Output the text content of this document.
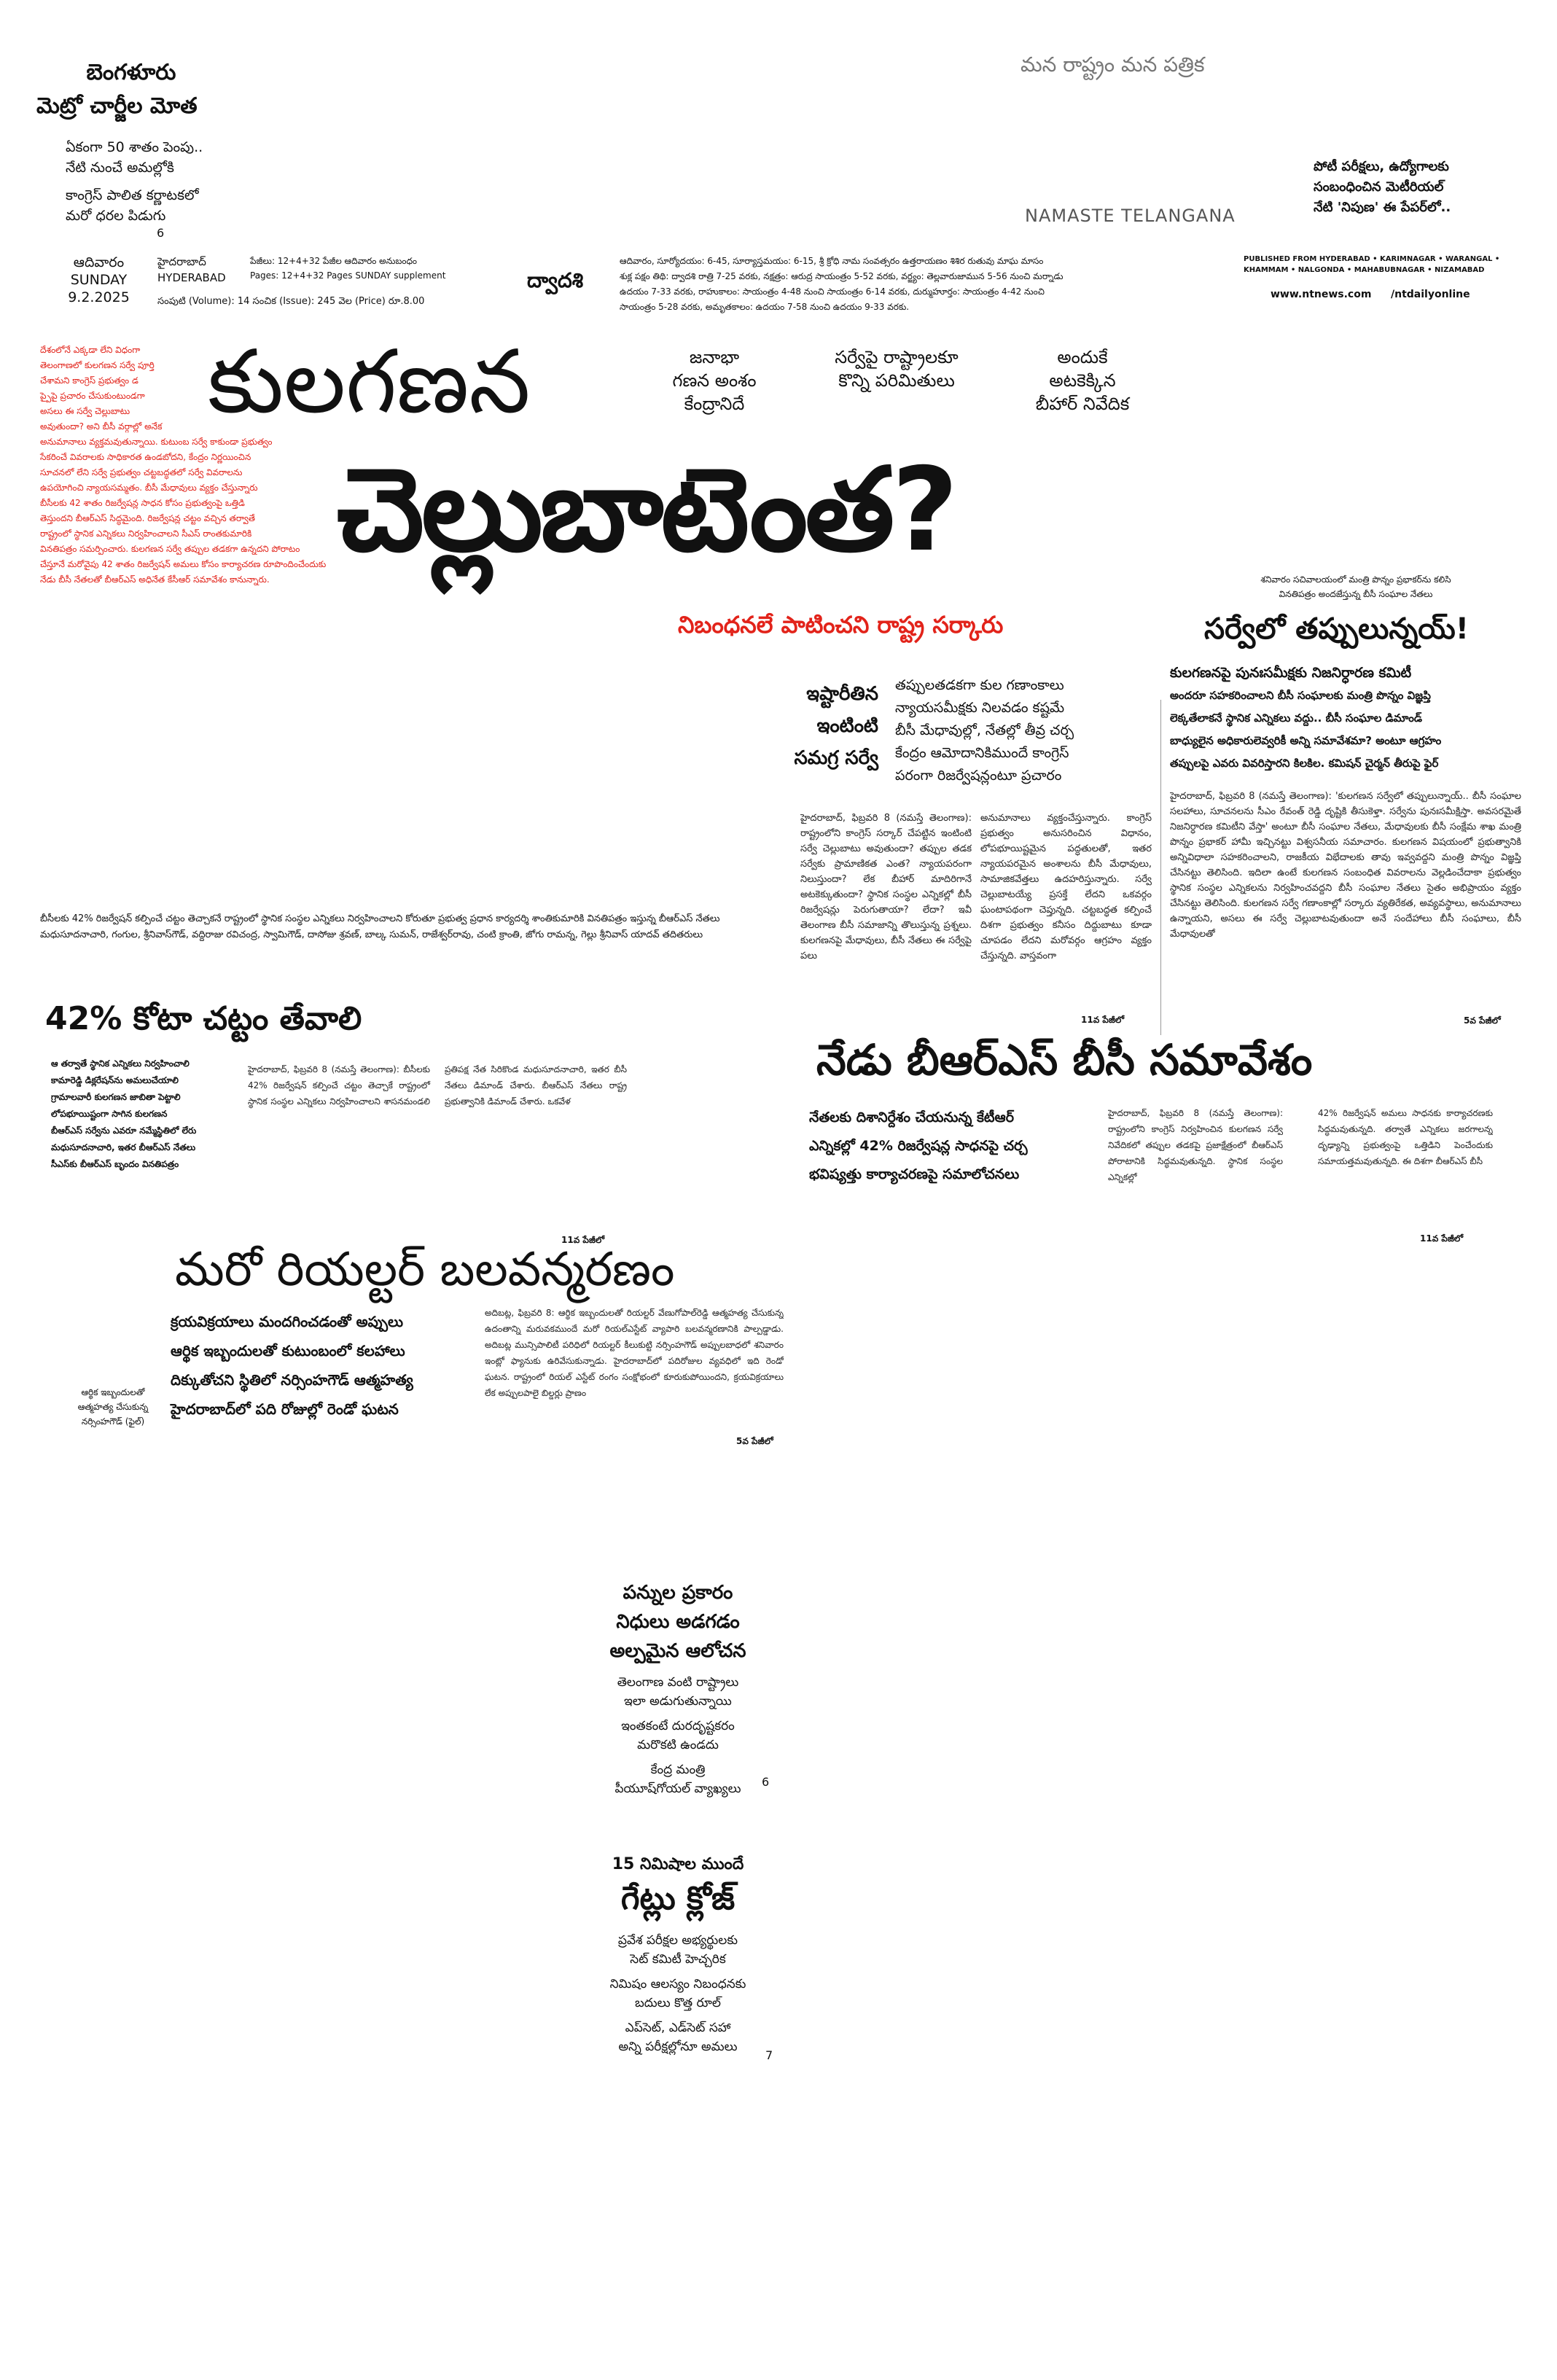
మన రాష్ట్రం మన పత్రిక
NAMASTE TELANGANA
బెంగళూరు
మెట్రో చార్జీల మోత
ఏకంగా 50 శాతం పెంపు..
నేటి నుంచే అమల్లోకి
కాంగ్రెస్‌ పాలిత కర్ణాటకలో
మరో ధరల పిడుగు
6
పోటీ పరీక్షలు, ఉద్యోగాలకు
సంబంధించిన మెటీరియల్‌
నేటి 'నిపుణ' ఈ పేపర్‌లో..
ఆదివారం
SUNDAY
9.2.2025
హైదరాబాద్‌
HYDERABAD
పేజీలు: 12+4+32 పేజీల ఆదివారం అనుబంధం
Pages: 12+4+32 Pages SUNDAY supplement
సంపుటి (Volume): 14 సంచిక (Issue): 245 వెల (Price) రూ.8.00
ద్వాదశి
ఆదివారం, సూర్యోదయం: 6-45, సూర్యాస్తమయం: 6-15, శ్రీ క్రోధి నామ సంవత్సరం ఉత్తరాయణం శిశిర రుతువు మాఘ మాసం
శుక్ల పక్షం తిథి: ద్వాదశి రాత్రి 7-25 వరకు, నక్షత్రం: ఆరుద్ర సాయంత్రం 5-52 వరకు, వర్జ్యం: తెల్లవారుజామున 5-56 నుంచి మర్నాడు
ఉదయం 7-33 వరకు, రాహుకాలం: సాయంత్రం 4-48 నుంచి సాయంత్రం 6-14 వరకు, దుర్ముహూర్తం: సాయంత్రం 4-42 నుంచి
సాయంత్రం 5-28 వరకు, అమృతకాలం: ఉదయం 7-58 నుంచి ఉదయం 9-33 వరకు.
PUBLISHED FROM HYDERABAD • KARIMNAGAR • WARANGAL • KHAMMAM • NALGONDA • MAHABUBNAGAR • NIZAMABAD
www.ntnews.com /ntdailyonline
దేశంలోనే ఎక్కడా లేని విధంగా
తెలంగాణలో కులగణన సర్వే పూర్తి
చేశామని కాంగ్రెస్‌ ప్రభుత్వం డ
ప్పైపై ప్రచారం చేసుకుంటుండగా
అసలు ఈ సర్వే చెల్లుబాటు
అవుతుందా? అని బీసీ వర్గాల్లో అనేక
అనుమానాలు వ్యక్తమవుతున్నాయి. కుటుంబ సర్వే కాకుండా ప్రభుత్వం
సేకరించే వివరాలకు సాధికారత ఉండబోదని, కేంద్రం నిర్ణయించిన
సూచనలో లేని సర్వే ప్రభుత్వం చట్టబద్ధతలో సర్వే వివరాలను
ఉపయోగించి న్యాయసమ్మతం. బీసీ మేధావులు వ్యక్తం చేస్తున్నారు
బీసీలకు 42 శాతం రిజర్వేషన్ల సాధన కోసం ప్రభుత్వంపై ఒత్తిడి
తెస్తుందని బీఆర్‌ఎస్‌ సిద్ధమైంది. రిజర్వేషన్ల చట్టం వచ్చిన తర్వాతే
రాష్ట్రంలో స్థానిక ఎన్నికలు నిర్వహించాలని సీఎస్‌ రాంతకుమారికి
వినతిపత్రం సమర్పించారు. కులగణన సర్వే తప్పుల తడకగా ఉన్నదని పోరాటం
చేస్తూనే మరోవైపు 42 శాతం రిజర్వేషన్‌ అమలు కోసం కార్యాచరణ రూపొందించేందుకు
నేడు బీసీ నేతలతో బీఆర్‌ఎస్‌ అధినేత కేసీఆర్‌ సమావేశం కానున్నారు.
కులగణన	జనాభా
గణన అంశం
కేంద్రానిదే
సర్వేపై రాష్ట్రాలకూ
కొన్ని పరిమితులు
అందుకే
అటకెక్కిన
బీహార్‌ నివేదిక
చెల్లుబాటెంత?
నిబంధనలే పాటించని రాష్ట్ర సర్కారు
ఇష్టారీతిన
ఇంటింటి
సమగ్ర సర్వే
తప్పులతడకగా కుల గణాంకాలు
న్యాయసమీక్షకు నిలవడం కష్టమే
బీసీ మేధావుల్లో, నేతల్లో తీవ్ర చర్చ
కేంద్రం ఆమోదానికిముందే కాంగ్రెస్‌
పరంగా రిజర్వేషన్లంటూ ప్రచారం
హైదరాబాద్‌, ఫిబ్రవరి 8 (నమస్తే తెలంగాణ): రాష్ట్రంలోని కాంగ్రెస్‌ సర్కార్‌ చేపట్టిన ఇంటింటి సర్వే చెల్లుబాటు అవుతుందా? తప్పుల తడక సర్వేకు ప్రామాణికత ఎంత? న్యాయపరంగా నిలుస్తుందా? లేక బీహార్‌ మాదిరిగానే అటకెక్కుతుందా? స్థానిక సంస్థల ఎన్నికల్లో బీసీ రిజర్వేషన్లు పెరుగుతాయా? లేదా? ఇవీ తెలంగాణ బీసీ సమాజాన్ని తొలుస్తున్న ప్రశ్నలు. కులగణనపై మేధావులు, బీసీ నేతలు ఈ సర్వేపై పలు
అనుమానాలు వ్యక్తంచేస్తున్నారు. కాంగ్రెస్‌ ప్రభుత్వం అనుసరించిన విధానం, లోపభూయిష్టమైన పద్ధతులతో, ఇతర న్యాయపరమైన అంశాలను బీసీ మేధావులు, సామాజికవేత్తలు ఉదహరిస్తున్నారు. సర్వే చెల్లుబాటయ్యే ప్రసక్తే లేదని ఒకవర్గం ఘంటాపథంగా చెప్తున్నది. చట్టబద్ధత కల్పించే దిశగా ప్రభుత్వం కనీసం దిద్దుబాటు కూడా చూపడం లేదని మరోవర్గం ఆగ్రహం వ్యక్తం చేస్తున్నది. వాస్తవంగా
11వ పేజీలో
శనివారం సచివాలయంలో మంత్రి పొన్నం ప్రభాకర్‌ను కలిసి
వినతిపత్రం అందజేస్తున్న బీసీ సంఘాల నేతలు
సర్వేలో తప్పులున్నయ్‌!
కులగణనపై పునఃసమీక్షకు నిజనిర్ధారణ కమిటీ
అందరూ సహకరించాలని బీసీ సంఘాలకు మంత్రి పొన్నం విజ్ఞప్తి
లెక్కతేలాకనే స్థానిక ఎన్నికలు వద్దు.. బీసీ సంఘాల డిమాండ్‌
బాధ్యులైన అధికారులెవ్వరికీ అన్ని సమావేశమా? అంటూ ఆగ్రహం
తప్పులపై ఎవరు వివరిస్తారని కిలకిల. కమిషన్‌ చైర్మన్‌ తీరుపై ఫైర్‌
హైదరాబాద్‌, ఫిబ్రవరి 8 (నమస్తే తెలంగాణ): 'కులగణన సర్వేలో తప్పులున్నాయ్‌.. బీసీ సంఘాల సలహాలు, సూచనలను సీఎం రేవంత్‌ రెడ్డి దృష్టికి తీసుకెళ్తా. సర్వేను పునఃసమీక్షిస్తా. అవసరమైతే నిజనిర్ధారణ కమిటీని వేస్తా' అంటూ బీసీ సంఘాల నేతలు, మేధావులకు బీసీ సంక్షేమ శాఖ మంత్రి పొన్నం ప్రభాకర్‌ హామీ ఇచ్చినట్టు విశ్వసనీయ సమాచారం. కులగణన విషయంలో ప్రభుత్వానికి అన్నివిధాలా సహకరించాలని, రాజకీయ విభేదాలకు తావు ఇవ్వవద్దని మంత్రి పొన్నం విజ్ఞప్తి చేసినట్టు తెలిసింది. ఇదిలా ఉంటే కులగణన సంబంధిత వివరాలను వెల్లడించేదాకా ప్రభుత్వం స్థానిక సంస్థల ఎన్నికలను నిర్వహించవద్దని బీసీ సంఘాల నేతలు సైతం అభిప్రాయం వ్యక్తం చేసినట్టు తెలిసింది. కులగణన సర్వే గణాంకాల్లో సర్కారు వ్యతిరేకత, అవ్యవస్థాలు, అనుమానాలు ఉన్నాయని, అసలు ఈ సర్వే చెల్లుబాటవుతుందా అనే సందేహాలు బీసీ సంఘాలు, బీసీ మేధావులతో
5వ పేజీలో
బీసీలకు 42% రిజర్వేషన్‌ కల్పించే చట్టం తెచ్చాకనే రాష్ట్రంలో స్థానిక సంస్థల ఎన్నికలు నిర్వహించాలని కోరుతూ ప్రభుత్వ ప్రధాన కార్యదర్శి శాంతికుమారికి వినతిపత్రం ఇస్తున్న బీఆర్‌ఎస్‌ నేతలు మధుసూదనాచారి, గంగుల, శ్రీనివాస్‌గౌడ్‌, వద్దిరాజు రవిచంద్ర, స్వామిగౌడ్‌, దాసోజు శ్రవణ్‌, బాల్క సుమన్‌, రాజేశ్వర్‌రావు, చంటి క్రాంతి, జోగు రామన్న, గెల్లు శ్రీనివాస్‌ యాదవ్‌ తదితరులు
42% కోటా చట్టం తేవాలి
ఆ తర్వాతే స్థానిక ఎన్నికలు నిర్వహించాలి
కామారెడ్డి డిక్లరేషన్‌ను అమలుచేయాలి
గ్రామాలవారీ కులగణన జాబితా పెట్టాలి
లోపభూయిష్టంగా సాగిన కులగణన
బీఆర్‌ఎస్‌ సర్వేను ఎవరూ నమ్మేస్థితిలో లేరు
మధుసూదనాచారి, ఇతర బీఆర్‌ఎస్‌ నేతలు
సీఎస్‌కు బీఆర్‌ఎస్‌ బృందం వినతిపత్రం
హైదరాబాద్‌, ఫిబ్రవరి 8 (నమస్తే తెలంగాణ): బీసీలకు 42% రిజర్వేషన్‌ కల్పించే చట్టం తెచ్చాకే రాష్ట్రంలో స్థానిక సంస్థల ఎన్నికలు నిర్వహించాలని శాసనమండలి ప్రతిపక్ష నేత సిరికొండ మధుసూదనాచారి, ఇతర బీసీ నేతలు డిమాండ్‌ చేశారు. బీఆర్‌ఎస్‌ నేతలు రాష్ట్ర ప్రభుత్వానికి డిమాండ్‌ చేశారు. ఒకవేళ
11వ పేజీలో
నేడు బీఆర్‌ఎస్‌ బీసీ సమావేశం
నేతలకు దిశానిర్దేశం చేయనున్న కేటీఆర్‌
ఎన్నికల్లో 42% రిజర్వేషన్ల సాధనపై చర్చ
భవిష్యత్తు కార్యాచరణపై సమాలోచనలు
హైదరాబాద్‌, ఫిబ్రవరి 8 (నమస్తే తెలంగాణ): రాష్ట్రంలోని కాంగ్రెస్‌ నిర్వహించిన కులగణన సర్వే నివేదికలో తప్పుల తడకపై ప్రజాక్షేత్రంలో బీఆర్‌ఎస్‌ పోరాటానికి సిద్ధమవుతున్నది. స్థానిక సంస్థల ఎన్నికల్లో
42% రిజర్వేషన్‌ అమలు సాధనకు కార్యాచరణకు సిద్ధమవుతున్నది. తర్వాతే ఎన్నికలు జరగాలన్న దృఢ్యాన్ని ప్రభుత్వంపై ఒత్తిడిని పెంచేందుకు సమాయత్తమవుతున్నది. ఈ దిశగా బీఆర్‌ఎస్‌ బీసీ
11వ పేజీలో
మరో రియల్టర్‌ బలవన్మరణం
క్రయవిక్రయాలు మందగించడంతో అప్పులు
ఆర్థిక ఇబ్బందులతో కుటుంబంలో కలహాలు
దిక్కుతోచని స్థితిలో నర్సింహగౌడ్‌ ఆత్మహత్య
హైదరాబాద్‌లో పది రోజుల్లో రెండో ఘటన
ఆర్థిక ఇబ్బందులతో
ఆత్మహత్య చేసుకున్న
నర్సింహగౌడ్‌ (ఫైల్‌)
అదిబట్ల, ఫిబ్రవరి 8: ఆర్థిక ఇబ్బందులతో రియల్టర్‌ వేణుగోపాల్‌రెడ్డి ఆత్మహత్య చేసుకున్న ఉదంతాన్ని మరువకముందే మరో రియల్‌ఎస్టేట్‌ వ్యాపారి బలవన్మరణానికి పాల్పడ్డాడు. అదిబట్ల మున్సిపాలిటీ పరిధిలో రియల్టర్‌ కీలుకుట్టి నర్సింహగౌడ్‌ అప్పులబాధలో శనివారం ఇంట్లో ఫ్యానుకు ఉరివేసుకున్నాడు. హైదరాబాద్‌లో పదిరోజుల వ్యవధిలో ఇది రెండో ఘటన. రాష్ట్రంలో రియల్‌ ఎస్టేట్‌ రంగం సంక్షోభంలో కూరుకుపోయిందని, క్రయవిక్రయాలు లేక అప్పులపాలై బిల్డర్లు ప్రాణం
5వ పేజీలో
పన్నుల ప్రకారం
నిధులు అడగడం
అల్పమైన ఆలోచన
తెలంగాణ వంటి రాష్ట్రాలు
ఇలా అడుగుతున్నాయి
ఇంతకంటే దురదృష్టకరం
మరొకటి ఉండదు
కేంద్ర మంత్రి
పీయూష్‌గోయల్‌ వ్యాఖ్యలు	6
15 నిమిషాల ముందే
గేట్లు క్లోజ్‌
ప్రవేశ పరీక్షల అభ్యర్థులకు
సెట్‌ కమిటీ హెచ్చరిక
నిమిషం ఆలస్యం నిబంధనకు
బదులు కొత్త రూల్‌
ఎప్‌సెట్‌, ఎడ్‌సెట్‌ సహా
అన్ని పరీక్షల్లోనూ అమలు
7
